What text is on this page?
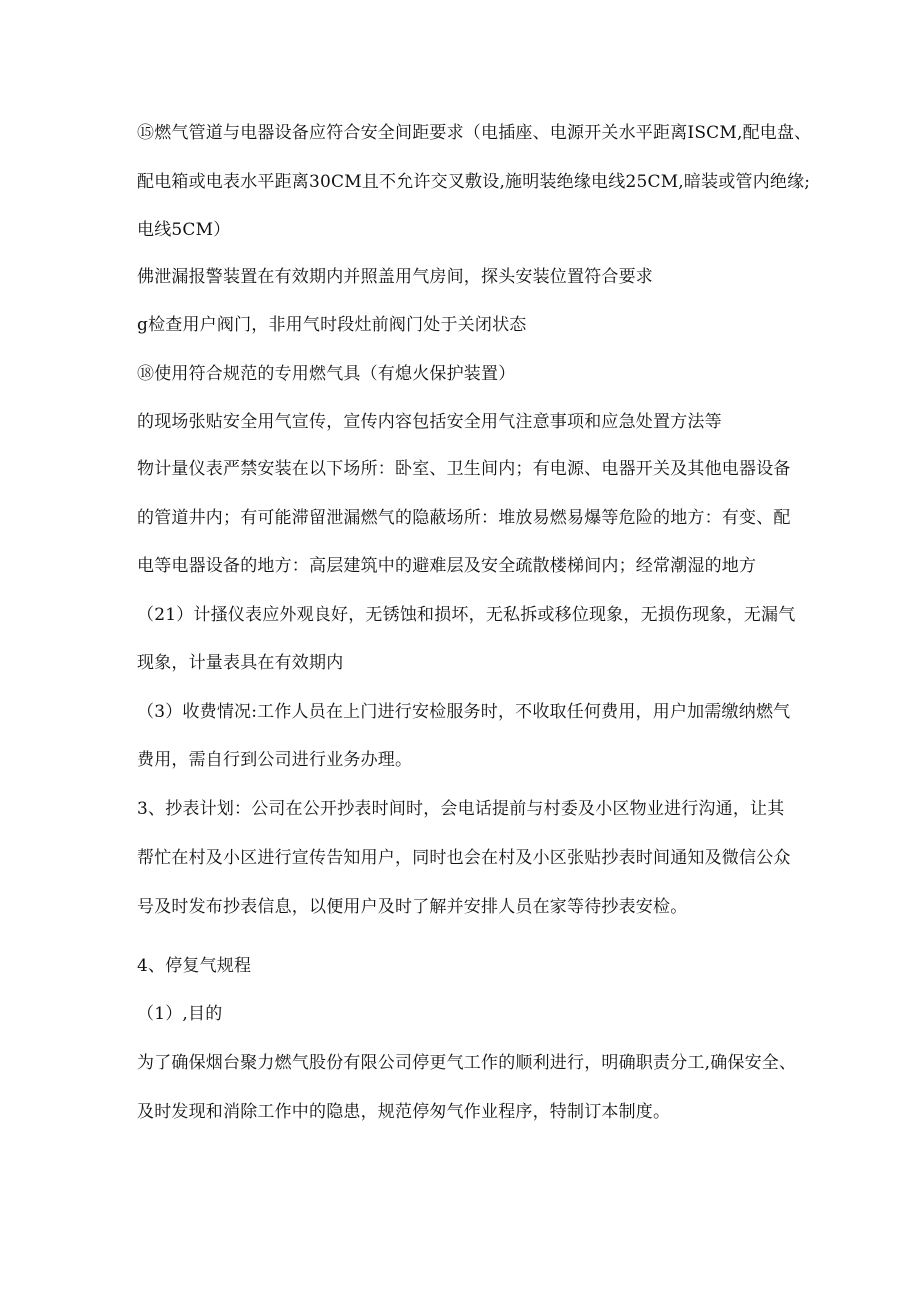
⑮燃气管道与电器设备应符合安全间距要求（电插座、电源开关水平距离ISCM,配电盘、
配电箱或电表水平距离30CM且不允许交叉敷设,施明装绝缘电线25CM,暗装或管内绝缘;
电线5CM）
佛泄漏报警装置在有效期内并照盖用气房间，探头安装位置符合要求
g检查用户阀门，非用气时段灶前阀门处于关闭状态
⑱使用符合规范的专用燃气具（有熄火保护装置）
的现场张贴安全用气宣传，宣传内容包括安全用气注意事项和应急处置方法等
物计量仪表严禁安装在以下场所：卧室、卫生间内；有电源、电器开关及其他电器设备
的管道井内；有可能滞留泄漏燃气的隐蔽场所：堆放易燃易爆等危险的地方：有变、配
电等电器设备的地方：高层建筑中的避难层及安全疏散楼梯间内；经常潮湿的地方
（21）计搔仪表应外观良好，无锈蚀和损坏，无私拆或移位现象，无损伤现象，无漏气
现象，计量表具在有效期内
（3）收费情况:工作人员在上门进行安检服务时，不收取任何费用，用户加需缴纳燃气
费用，需自行到公司进行业务办理。
3、抄表计划：公司在公开抄表时间时，会电话提前与村委及小区物业进行沟通，让其
帮忙在村及小区进行宣传告知用户，同时也会在村及小区张贴抄表时间通知及微信公众
号及时发布抄表信息，以便用户及时了解并安排人员在家等待抄表安检。
4、停复气规程
（1）,目的
为了确保烟台聚力燃气股份有限公司停更气工作的顺利进行，明确职责分工,确保安全、
及时发现和消除工作中的隐患，规范停匆气作业程序，特制订本制度。
